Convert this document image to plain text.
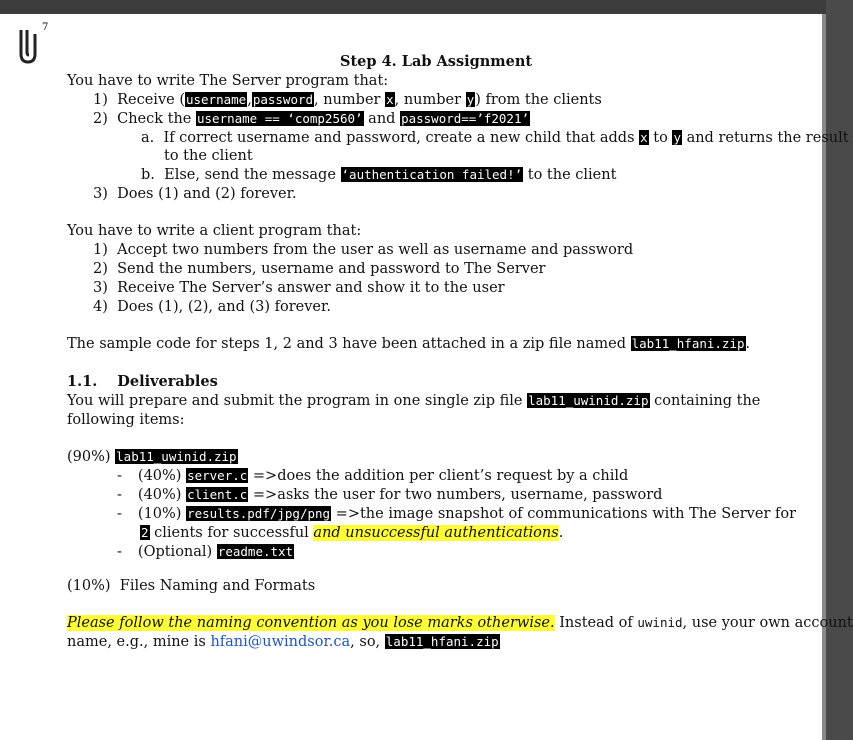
7
Step 4. Lab Assignment
You have to write The Server program that:
1)  Receive (username,password, number x, number y) from the clients
2)  Check the username == ‘comp2560’ and password==’f2021’
a.  If correct username and password, create a new child that adds x to y and returns the result
to the client
b.  Else, send the message ‘authentication failed!’ to the client
3)  Does (1) and (2) forever.
You have to write a client program that:
1)  Accept two numbers from the user as well as username and password
2)  Send the numbers, username and password to The Server
3)  Receive The Server’s answer and show it to the user
4)  Does (1), (2), and (3) forever.
The sample code for steps 1, 2 and 3 have been attached in a zip file named lab11_hfani.zip.
1.1. Deliverables
You will prepare and submit the program in one single zip file lab11_uwinid.zip containing the
following items:
(90%) lab11_uwinid.zip
- (40%) server.c =>does the addition per client’s request by a child
- (40%) client.c =>asks the user for two numbers, username, password
- (10%) results.pdf/jpg/png =>the image snapshot of communications with The Server for
2 clients for successful and unsuccessful authentications.
- (Optional) readme.txt
(10%)  Files Naming and Formats
Please follow the naming convention as you lose marks otherwise. Instead of uwinid, use your own account
name, e.g., mine is hfani@uwindsor.ca, so, lab11_hfani.zip
